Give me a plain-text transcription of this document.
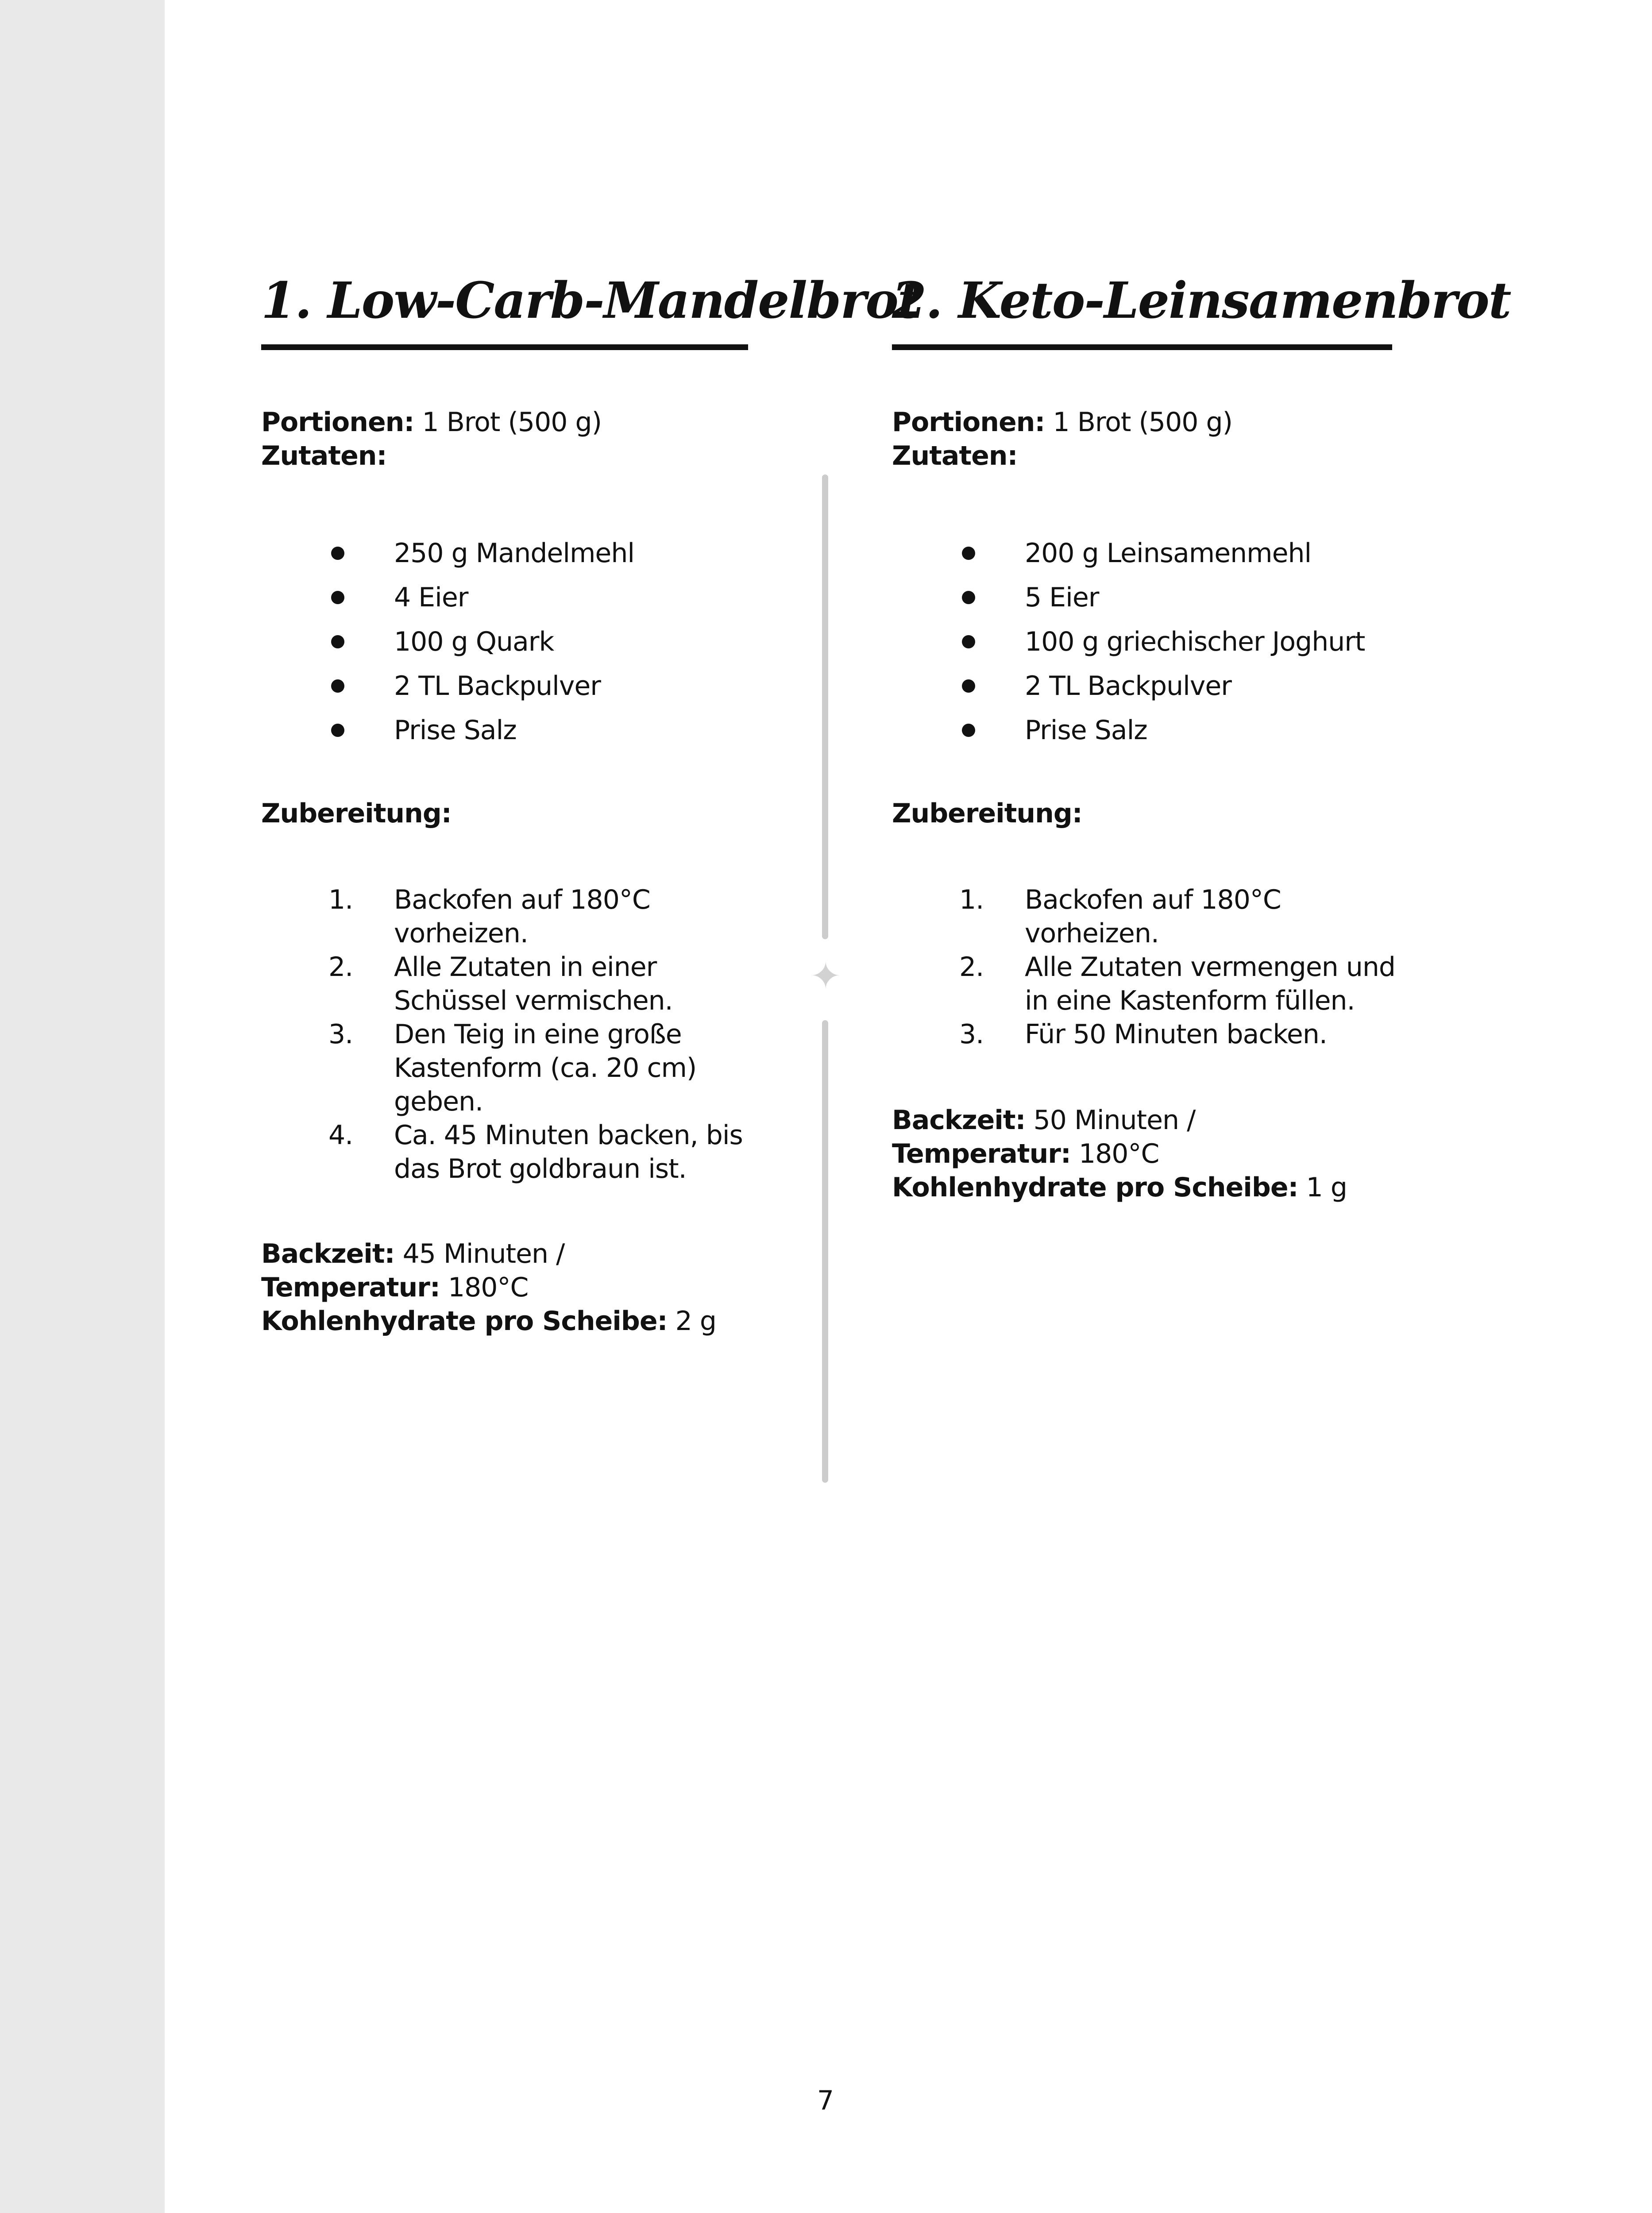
1. Low-Carb-Mandelbrot
Portionen: 1 Brot (500 g)
Zutaten:
250 g Mandelmehl
4 Eier
100 g Quark
2 TL Backpulver
Prise Salz
Zubereitung:
1. Backofen auf 180°C vorheizen.
2. Alle Zutaten in einer Schüssel vermischen.
3. Den Teig in eine große Kastenform (ca. 20 cm) geben.
4. Ca. 45 Minuten backen, bis das Brot goldbraun ist.
Backzeit: 45 Minuten / Temperatur: 180°C
Kohlenhydrate pro Scheibe: 2 g
✦
2. Keto-Leinsamenbrot
Portionen: 1 Brot (500 g)
Zutaten:
200 g Leinsamenmehl
5 Eier
100 g griechischer Joghurt
2 TL Backpulver
Prise Salz
Zubereitung:
1. Backofen auf 180°C vorheizen.
2. Alle Zutaten vermengen und in eine Kastenform füllen.
3. Für 50 Minuten backen.
Backzeit: 50 Minuten / Temperatur: 180°C
Kohlenhydrate pro Scheibe: 1 g
7
